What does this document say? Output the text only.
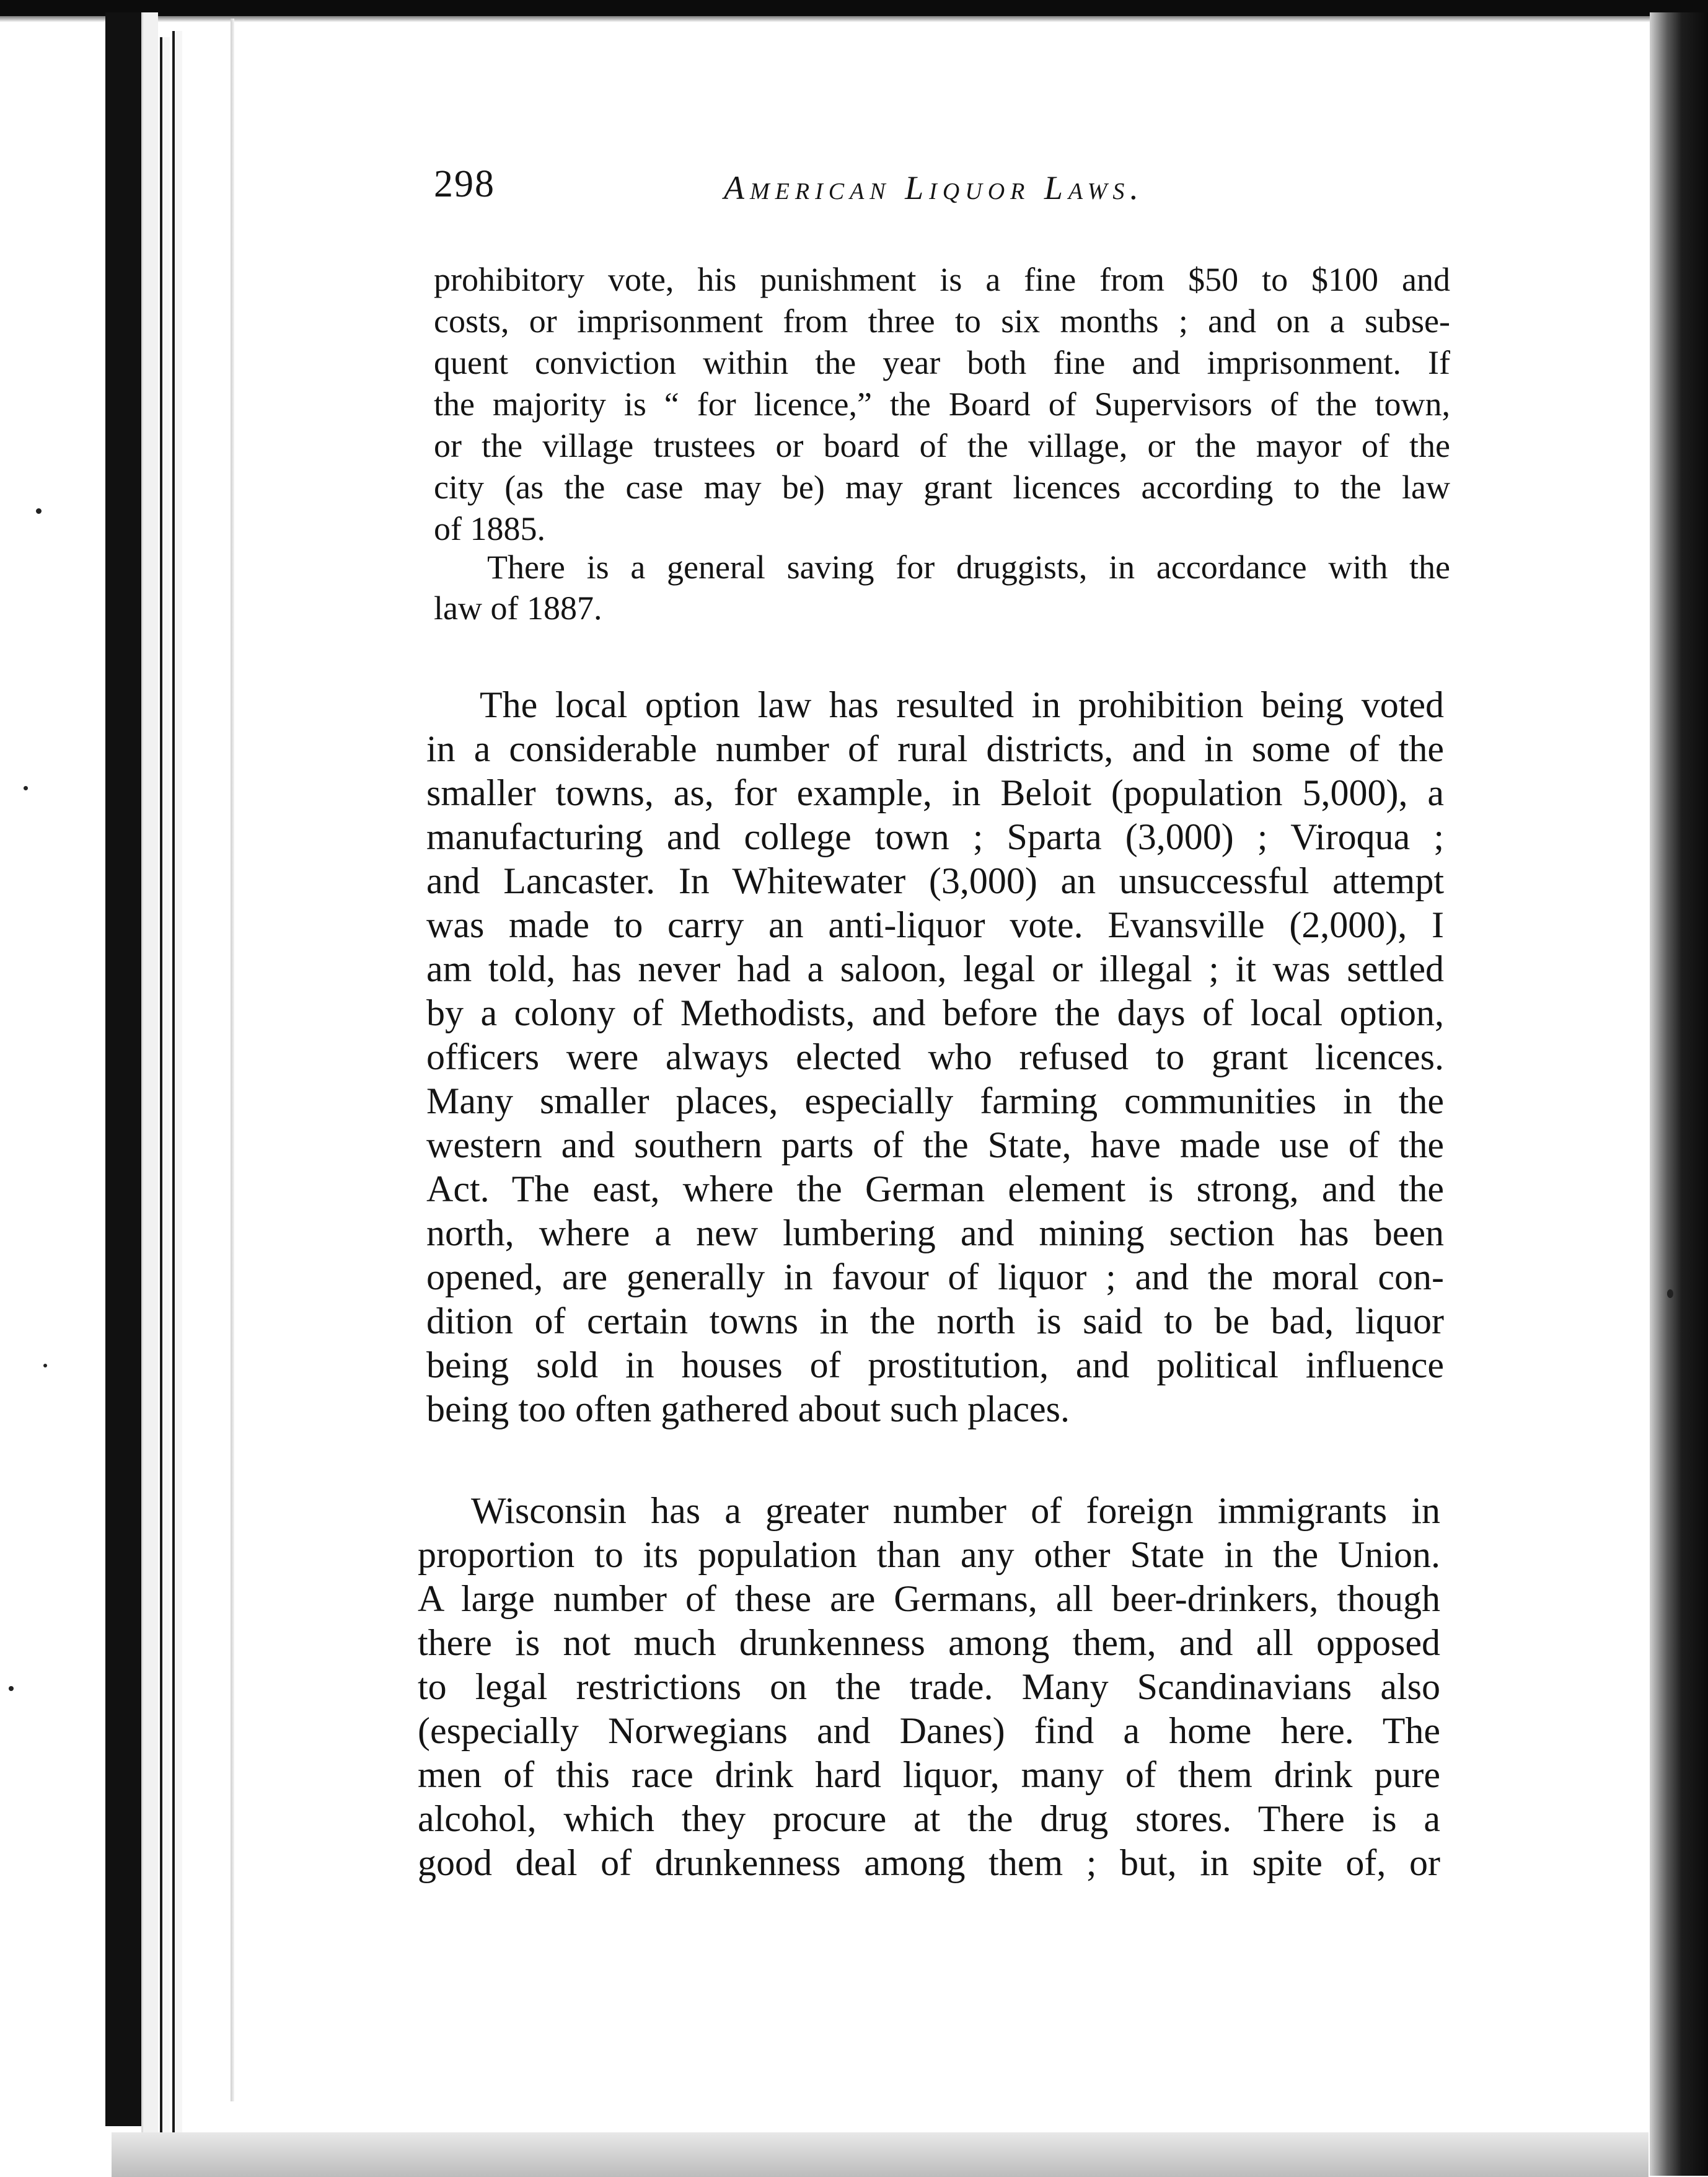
298	American Liquor Laws.
prohibitory vote, his punishment is a fine from $50 to $100 and
costs, or imprisonment from three to six months ; and on a subse-
quent conviction within the year both fine and imprisonment. If
the majority is “ for licence,” the Board of Supervisors of the town,
or the village trustees or board of the village, or the mayor of the
city (as the case may be) may grant licences according to the law
of 1885.
There is a general saving for druggists, in accordance with the
law of 1887.
The local option law has resulted in prohibition being voted
in a considerable number of rural districts, and in some of the
smaller towns, as, for example, in Beloit (population 5,000), a
manufacturing and college town ; Sparta (3,000) ; Viroqua ;
and Lancaster. In Whitewater (3,000) an unsuccessful attempt
was made to carry an anti-liquor vote. Evansville (2,000), I
am told, has never had a saloon, legal or illegal ; it was settled
by a colony of Methodists, and before the days of local option,
officers were always elected who refused to grant licences.
Many smaller places, especially farming communities in the
western and southern parts of the State, have made use of the
Act. The east, where the German element is strong, and the
north, where a new lumbering and mining section has been
opened, are generally in favour of liquor ; and the moral con-
dition of certain towns in the north is said to be bad, liquor
being sold in houses of prostitution, and political influence
being too often gathered about such places.
Wisconsin has a greater number of foreign immigrants in
proportion to its population than any other State in the Union.
A large number of these are Germans, all beer-drinkers, though
there is not much drunkenness among them, and all opposed
to legal restrictions on the trade. Many Scandinavians also
(especially Norwegians and Danes) find a home here. The
men of this race drink hard liquor, many of them drink pure
alcohol, which they procure at the drug stores. There is a
good deal of drunkenness among them ; but, in spite of, or
